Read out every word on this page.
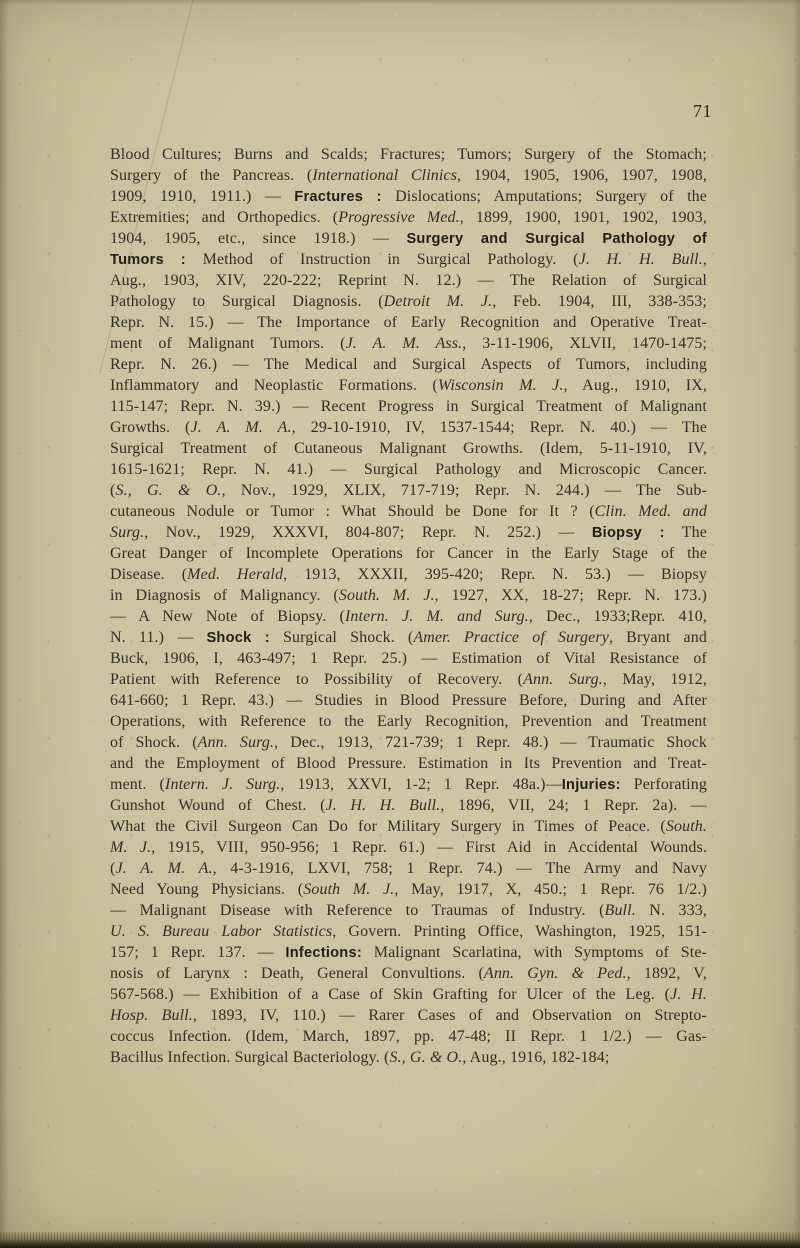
71
Blood Cultures; Burns and Scalds; Fractures; Tumors; Surgery of the Stomach;
Surgery of the Pancreas. (International Clinics, 1904, 1905, 1906, 1907, 1908,
1909, 1910, 1911.) — Fractures : Dislocations; Amputations; Surgery of the
Extremities; and Orthopedics. (Progressive Med., 1899, 1900, 1901, 1902, 1903,
1904, 1905, etc., since 1918.) — Surgery and Surgical Pathology of
Tumors : Method of Instruction in Surgical Pathology. (J. H. H. Bull.,
Aug., 1903, XIV, 220-222; Reprint N. 12.) — The Relation of Surgical
Pathology to Surgical Diagnosis. (Detroit M. J., Feb. 1904, III, 338-353;
Repr. N. 15.) — The Importance of Early Recognition and Operative Treat-
ment of Malignant Tumors. (J. A. M. Ass., 3-11-1906, XLVII, 1470-1475;
Repr. N. 26.) — The Medical and Surgical Aspects of Tumors, including
Inflammatory and Neoplastic Formations. (Wisconsin M. J., Aug., 1910, IX,
115-147; Repr. N. 39.) — Recent Progress in Surgical Treatment of Malignant
Growths. (J. A. M. A., 29-10-1910, IV, 1537-1544; Repr. N. 40.) — The
Surgical Treatment of Cutaneous Malignant Growths. (Idem, 5-11-1910, IV,
1615-1621; Repr. N. 41.) — Surgical Pathology and Microscopic Cancer.
(S., G. & O., Nov., 1929, XLIX, 717-719; Repr. N. 244.) — The Sub-
cutaneous Nodule or Tumor : What Should be Done for It ? (Clin. Med. and
Surg., Nov., 1929, XXXVI, 804-807; Repr. N. 252.) — Biopsy : The
Great Danger of Incomplete Operations for Cancer in the Early Stage of the
Disease. (Med. Herald, 1913, XXXII, 395-420; Repr. N. 53.) — Biopsy
in Diagnosis of Malignancy. (South. M. J., 1927, XX, 18-27; Repr. N. 173.)
— A New Note of Biopsy. (Intern. J. M. and Surg., Dec., 1933;Repr. 410,
N. 11.) — Shock : Surgical Shock. (Amer. Practice of Surgery, Bryant and
Buck, 1906, I, 463-497; 1 Repr. 25.) — Estimation of Vital Resistance of
Patient with Reference to Possibility of Recovery. (Ann. Surg., May, 1912,
641-660; 1 Repr. 43.) — Studies in Blood Pressure Before, During and After
Operations, with Reference to the Early Recognition, Prevention and Treatment
of Shock. (Ann. Surg., Dec., 1913, 721-739; 1 Repr. 48.) — Traumatic Shock
and the Employment of Blood Pressure. Estimation in Its Prevention and Treat-
ment. (Intern. J. Surg., 1913, XXVI, 1-2; 1 Repr. 48a.)—Injuries: Perforating
Gunshot Wound of Chest. (J. H. H. Bull., 1896, VII, 24; 1 Repr. 2a). —
What the Civil Surgeon Can Do for Military Surgery in Times of Peace. (South.
M. J., 1915, VIII, 950-956; 1 Repr. 61.) — First Aid in Accidental Wounds.
(J. A. M. A., 4-3-1916, LXVI, 758; 1 Repr. 74.) — The Army and Navy
Need Young Physicians. (South M. J., May, 1917, X, 450.; 1 Repr. 76 1/2.)
— Malignant Disease with Reference to Traumas of Industry. (Bull. N. 333,
U. S. Bureau Labor Statistics, Govern. Printing Office, Washington, 1925, 151-
157; 1 Repr. 137. — Infections: Malignant Scarlatina, with Symptoms of Ste-
nosis of Larynx : Death, General Convultions. (Ann. Gyn. & Ped., 1892, V,
567-568.) — Exhibition of a Case of Skin Grafting for Ulcer of the Leg. (J. H.
Hosp. Bull., 1893, IV, 110.) — Rarer Cases of and Observation on Strepto-
coccus Infection. (Idem, March, 1897, pp. 47-48; II Repr. 1 1/2.) — Gas-
Bacillus Infection. Surgical Bacteriology. (S., G. & O., Aug., 1916, 182-184;
